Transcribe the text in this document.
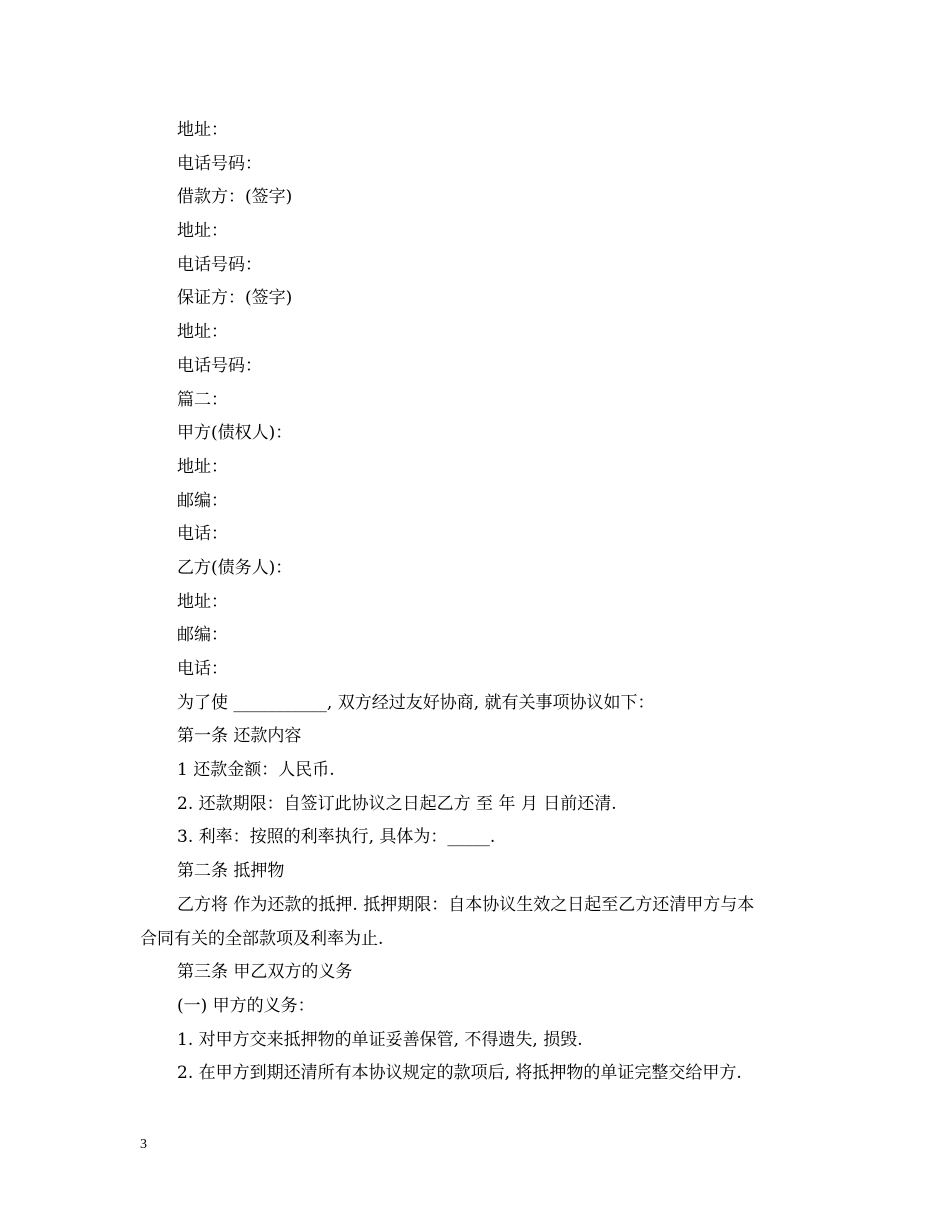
地址：
电话号码：
借款方：(签字)
地址：
电话号码：
保证方：(签字)
地址：
电话号码：
篇二：
甲方(债权人)：
地址：
邮编：
电话：
乙方(债务人)：
地址：
邮编：
电话：
为了使 ___________, 双方经过友好协商, 就有关事项协议如下：
第一条 还款内容
1 还款金额：人民币.
2. 还款期限：自签订此协议之日起乙方 至 年 月 日前还清.
3. 利率：按照的利率执行, 具体为：_____.
第二条 抵押物
乙方将 作为还款的抵押. 抵押期限：自本协议生效之日起至乙方还清甲方与本
合同有关的全部款项及利率为止.
第三条 甲乙双方的义务
(一) 甲方的义务：
1. 对甲方交来抵押物的单证妥善保管, 不得遗失, 损毁.
2. 在甲方到期还清所有本协议规定的款项后, 将抵押物的单证完整交给甲方.
3
